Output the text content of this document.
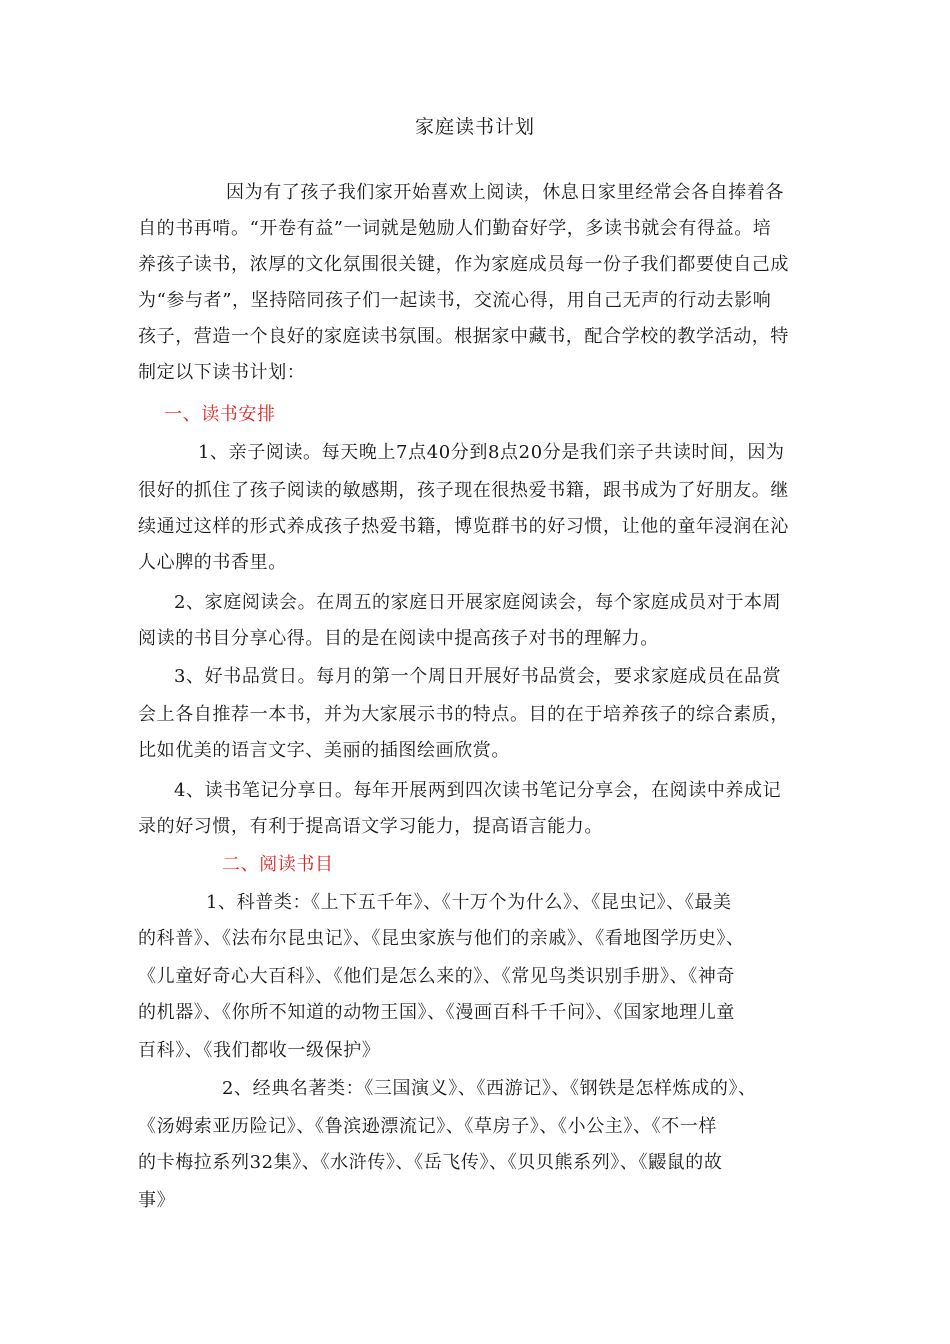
家庭读书计划
因为有了孩子我们家开始喜欢上阅读，休息日家里经常会各自捧着各
自的书再啃。“开卷有益”一词就是勉励人们勤奋好学，多读书就会有得益。培
养孩子读书，浓厚的文化氛围很关键，作为家庭成员每一份子我们都要使自己成
为“参与者”，坚持陪同孩子们一起读书，交流心得，用自己无声的行动去影响
孩子，营造一个良好的家庭读书氛围。根据家中藏书，配合学校的教学活动，特
制定以下读书计划：
一、读书安排
1、亲子阅读。每天晚上7点40分到8点20分是我们亲子共读时间，因为
很好的抓住了孩子阅读的敏感期，孩子现在很热爱书籍，跟书成为了好朋友。继
续通过这样的形式养成孩子热爱书籍，博览群书的好习惯，让他的童年浸润在沁
人心脾的书香里。
2、家庭阅读会。在周五的家庭日开展家庭阅读会，每个家庭成员对于本周
阅读的书目分享心得。目的是在阅读中提高孩子对书的理解力。
3、好书品赏日。每月的第一个周日开展好书品赏会，要求家庭成员在品赏
会上各自推荐一本书，并为大家展示书的特点。目的在于培养孩子的综合素质，
比如优美的语言文字、美丽的插图绘画欣赏。
4、读书笔记分享日。每年开展两到四次读书笔记分享会，在阅读中养成记
录的好习惯，有利于提高语文学习能力，提高语言能力。
二、阅读书目
1、科普类：《上下五千年》、《十万个为什么》、《昆虫记》、《最美
的科普》、《法布尔昆虫记》、《昆虫家族与他们的亲戚》、《看地图学历史》、
《儿童好奇心大百科》、《他们是怎么来的》、《常见鸟类识别手册》、《神奇
的机器》、《你所不知道的动物王国》、《漫画百科千千问》、《国家地理儿童
百科》、《我们都收一级保护》
2、经典名著类：《三国演义》、《西游记》、《钢铁是怎样炼成的》、
《汤姆索亚历险记》、《鲁滨逊漂流记》、《草房子》、《小公主》、《不一样
的卡梅拉系列32集》、《水浒传》、《岳飞传》、《贝贝熊系列》、《鼹鼠的故
事》
